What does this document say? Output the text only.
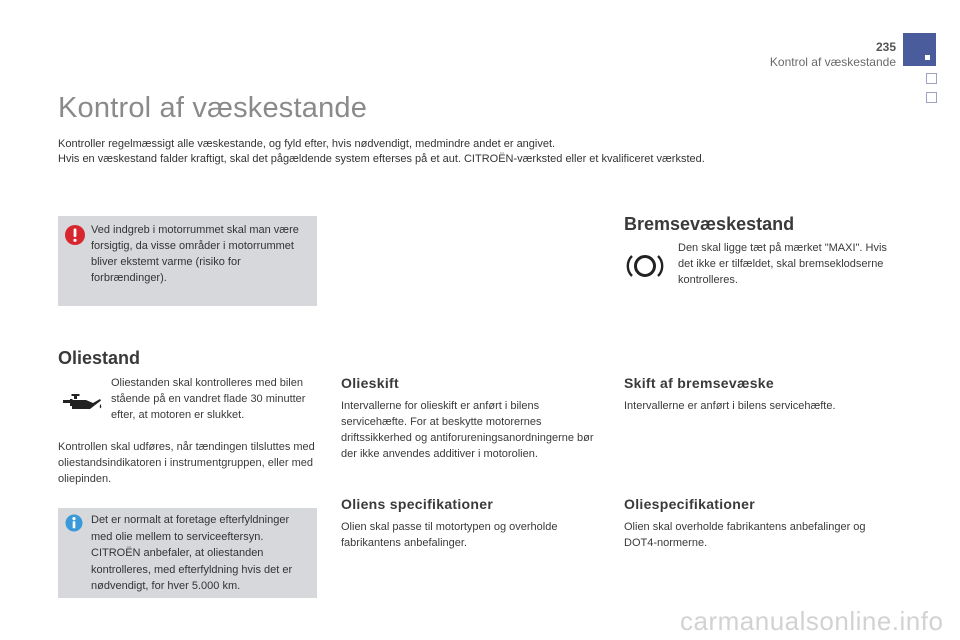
235
Kontrol af væskestande
Kontrol af væskestande

Kontroller regelmæssigt alle væskestande, og fyld efter, hvis nødvendigt, medmindre andet er angivet.

Hvis en væskestand falder kraftigt, skal det pågældende system efterses på et aut. CITROËN-værksted eller et kvalificeret værksted.

Ved indgreb i motorrummet skal man være forsigtig, da visse områder i motorrummet bliver ekstemt varme (risiko for forbrændinger).

Oliestand

Oliestanden skal kontrolleres med bilen stående på en vandret flade 30 minutter efter, at motoren er slukket.

Kontrollen skal udføres, når tændingen tilsluttes med oliestandsindikatoren i instrumentgruppen, eller med oliepinden.

Det er normalt at foretage efterfyldninger med olie mellem to serviceeftersyn. CITROËN anbefaler, at oliestanden kontrolleres, med efterfyldning hvis det er nødvendigt, for hver 5.000 km.

Olieskift

Intervallerne for olieskift er anført i bilens servicehæfte. For at beskytte motorernes driftssikkerhed og antiforureningsanordningerne bør der ikke anvendes additiver i motorolien.

Oliens specifikationer

Olien skal passe til motortypen og overholde fabrikantens anbefalinger.

Bremsevæskestand

Den skal ligge tæt på mærket "MAXI". Hvis det ikke er tilfældet, skal bremseklodserne kontrolleres.

Skift af bremsevæske

Intervallerne er anført i bilens servicehæfte.

Oliespecifikationer

Olien skal overholde fabrikantens anbefalinger og DOT4-normerne.

carmanualsonline.info
